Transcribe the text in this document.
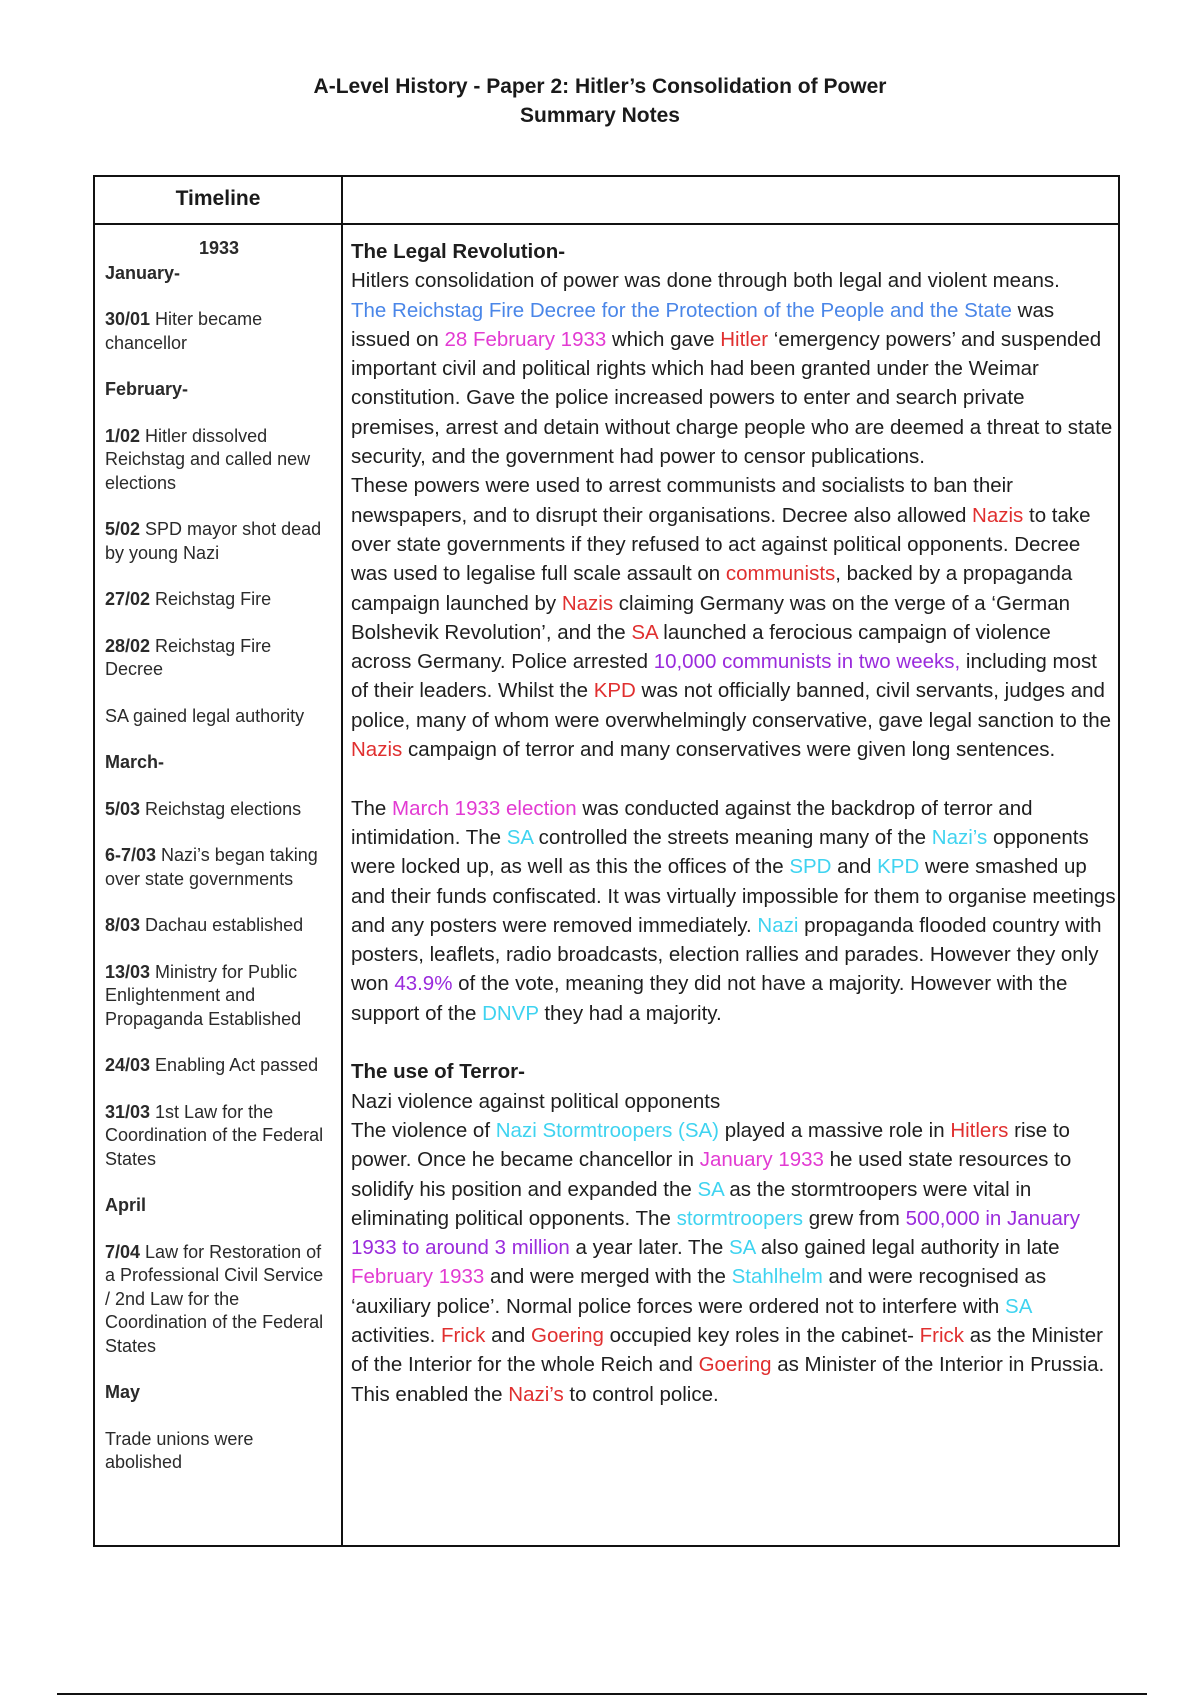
A-Level History - Paper 2: Hitler’s Consolidation of Power
Summary Notes
Timeline
1933
January-
30/01 Hiter became chancellor
February-
1/02 Hitler dissolved Reichstag and called new elections
5/02 SPD mayor shot dead by young Nazi
27/02 Reichstag Fire
28/02 Reichstag Fire Decree
SA gained legal authority
March-
5/03 Reichstag elections
6-7/03 Nazi’s began taking over state governments
8/03 Dachau established
13/03 Ministry for Public Enlightenment and Propaganda Established
24/03 Enabling Act passed
31/03 1st Law for the Coordination of the Federal States
April
7/04 Law for Restoration of a Professional Civil Service / 2nd Law for the Coordination of the Federal States
May
Trade unions were abolished

The Legal Revolution-

Hitlers consolidation of power was done through both legal and violent means.

The Reichstag Fire Decree for the Protection of the People and the State was issued on 28 February 1933 which gave Hitler ‘emergency powers’ and suspended important civil and political rights which had been granted under the Weimar constitution. Gave the police increased powers to enter and search private premises, arrest and detain without charge people who are deemed a threat to state security, and the government had power to censor publications.

These powers were used to arrest communists and socialists to ban their newspapers, and to disrupt their organisations. Decree also allowed Nazis to take over state governments if they refused to act against political opponents. Decree was used to legalise full scale assault on communists, backed by a propaganda campaign launched by Nazis claiming Germany was on the verge of a ‘German Bolshevik Revolution’, and the SA launched a ferocious campaign of violence across Germany. Police arrested 10,000 communists in two weeks, including most of their leaders. Whilst the KPD was not officially banned, civil servants, judges and police, many of whom were overwhelmingly conservative, gave legal sanction to the Nazis campaign of terror and many conservatives were given long sentences.

The March 1933 election was conducted against the backdrop of terror and intimidation. The SA controlled the streets meaning many of the Nazi’s opponents were locked up, as well as this the offices of the SPD and KPD were smashed up and their funds confiscated. It was virtually impossible for them to organise meetings and any posters were removed immediately. Nazi propaganda flooded country with posters, leaflets, radio broadcasts, election rallies and parades. However they only won 43.9% of the vote, meaning they did not have a majority. However with the support of the DNVP they had a majority.

The use of Terror-

Nazi violence against political opponents

The violence of Nazi Stormtroopers (SA) played a massive role in Hitlers rise to power. Once he became chancellor in January 1933 he used state resources to solidify his position and expanded the SA as the stormtroopers were vital in eliminating political opponents. The stormtroopers grew from 500,000 in January 1933 to around 3 million a year later. The SA also gained legal authority in late February 1933 and were merged with the Stahlhelm and were recognised as ‘auxiliary police’. Normal police forces were ordered not to interfere with SA activities. Frick and Goering occupied key roles in the cabinet- Frick as the Minister of the Interior for the whole Reich and Goering as Minister of the Interior in Prussia. This enabled the Nazi’s to control police.
